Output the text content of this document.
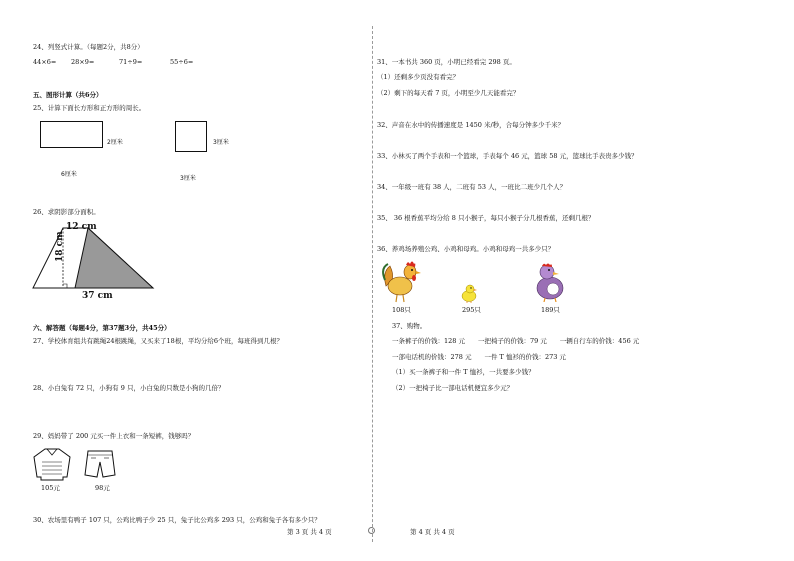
24、列竖式计算。（每题2分，共8分）
44×6= 28×9=	71÷9=	55÷6=
五、图形计算（共6分）
25、计算下面长方形和正方形的周长。
2厘米
6厘米
3厘米
3厘米
26、求阴影部分面积。
12 cm
18 cm
37 cm
六、解答题（每题4分，第37题3分，共45分）
27、学校体育组共有跳绳24根跳绳，又买来了18根，平均分给6个班，每班得到几根？
28、小白兔有 72 只，小狗有 9 只，小白兔的只数是小狗的几倍？
29、妈妈带了 200 元买一件上衣和一条短裤，钱够吗？
105元	98元
30、农场里有鸭子 107 只，公鸡比鸭子少 25 只，兔子比公鸡多 293 只，公鸡和兔子各有多少只？
31、一本书共 360 页，小明已经看完 298 页。
（1）还剩多少页没有看完？
（2）剩下的每天看 7 页，小明至少几天能看完？
32、声音在水中的传播速度是 1450 米/秒，合每分钟多少千米？
33、小林买了两个手表和一个篮球，手表每个 46 元，篮球 58 元，篮球比手表贵多少钱？
34、一年级一班有 38 人，二班有 53 人，一班比二班少几个人？
35、 36 根香蕉平均分给 8 只小猴子，每只小猴子分几根香蕉，还剩几根？
36、养鸡场养殖公鸡、小鸡和母鸡。小鸡和母鸡一共多少只？
108只	295只	189只
37、购物。
一条裤子的价钱：128 元　　一把椅子的价钱：79 元　　一辆自行车的价钱：456 元
一部电话机的价钱：278 元　　一件 T 恤衫的价钱：273 元
（1）买一条裤子和一件 T 恤衫，一共要多少钱？
（2）一把椅子比一部电话机便宜多少元？
第 3 页 共 4 页	第 4 页 共 4 页
